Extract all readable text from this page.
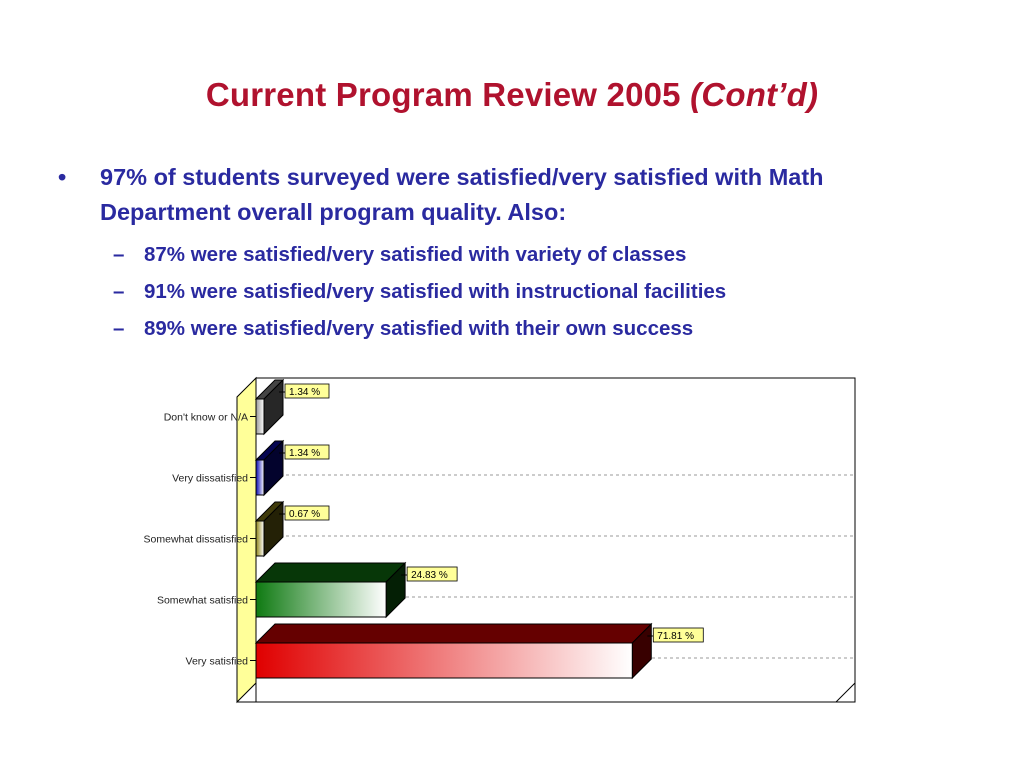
Current Program Review 2005 (Cont’d)
• 97% of students surveyed were satisfied/very satisfied with Math Department overall program quality. Also:
– 87% were satisfied/very satisfied with variety of classes
– 91% were satisfied/very satisfied with instructional facilities
– 89% were satisfied/very satisfied with their own success
Don't know or N/A
1.34 %
Very dissatisfied
1.34 %
Somewhat dissatisfied
0.67 %
Somewhat satisfied
24.83 %
Very satisfied
71.81 %
